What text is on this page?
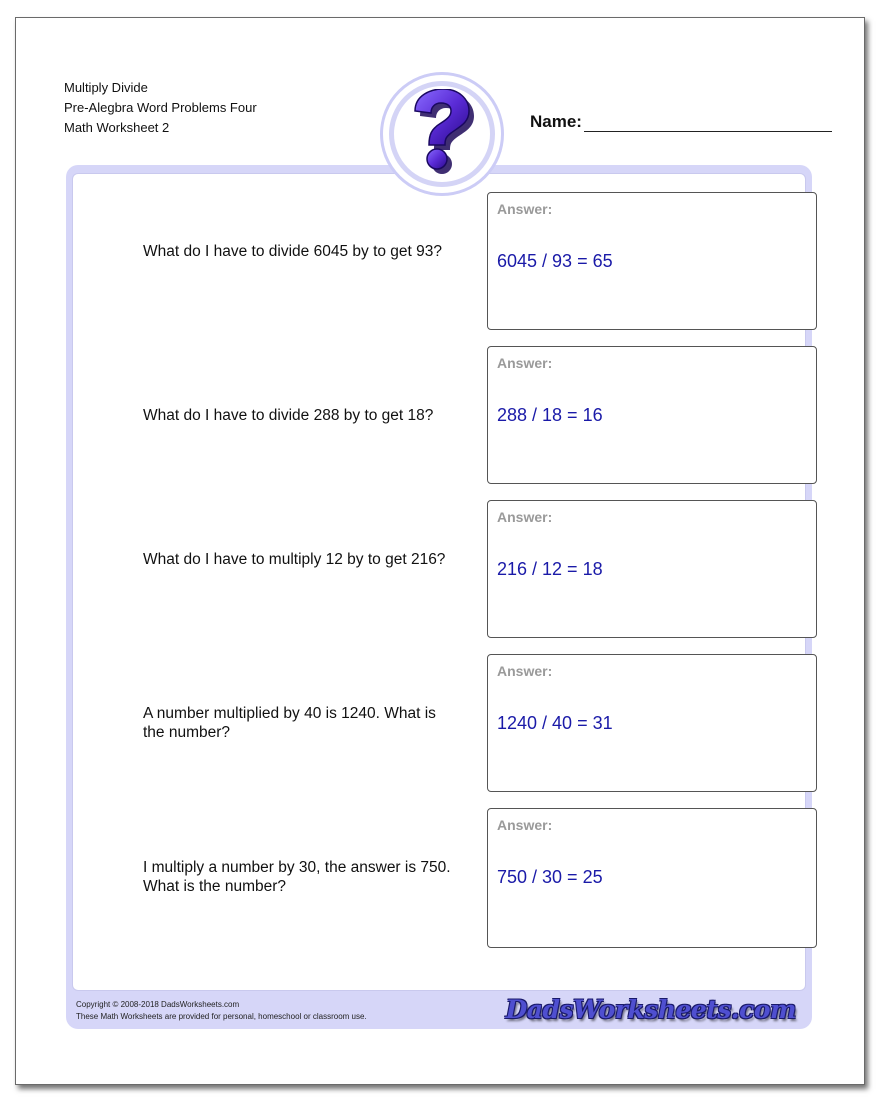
Multiply Divide
Pre-Alegbra Word Problems Four
Math Worksheet 2	Name:
What do I have to divide 6045 by to get 93?
Answer:
6045 / 93 = 65
What do I have to divide 288 by to get 18?
Answer:
288 / 18 = 16
What do I have to multiply 12 by to get 216?
Answer:
216 / 12 = 18
A number multiplied by 40 is 1240. What is the number?
Answer:
1240 / 40 = 31
I multiply a number by 30, the answer is 750. What is the number?
Answer:
750 / 30 = 25
Copyright © 2008-2018 DadsWorksheets.com
These Math Worksheets are provided for personal, homeschool or classroom use.	DadsWorksheets.com
